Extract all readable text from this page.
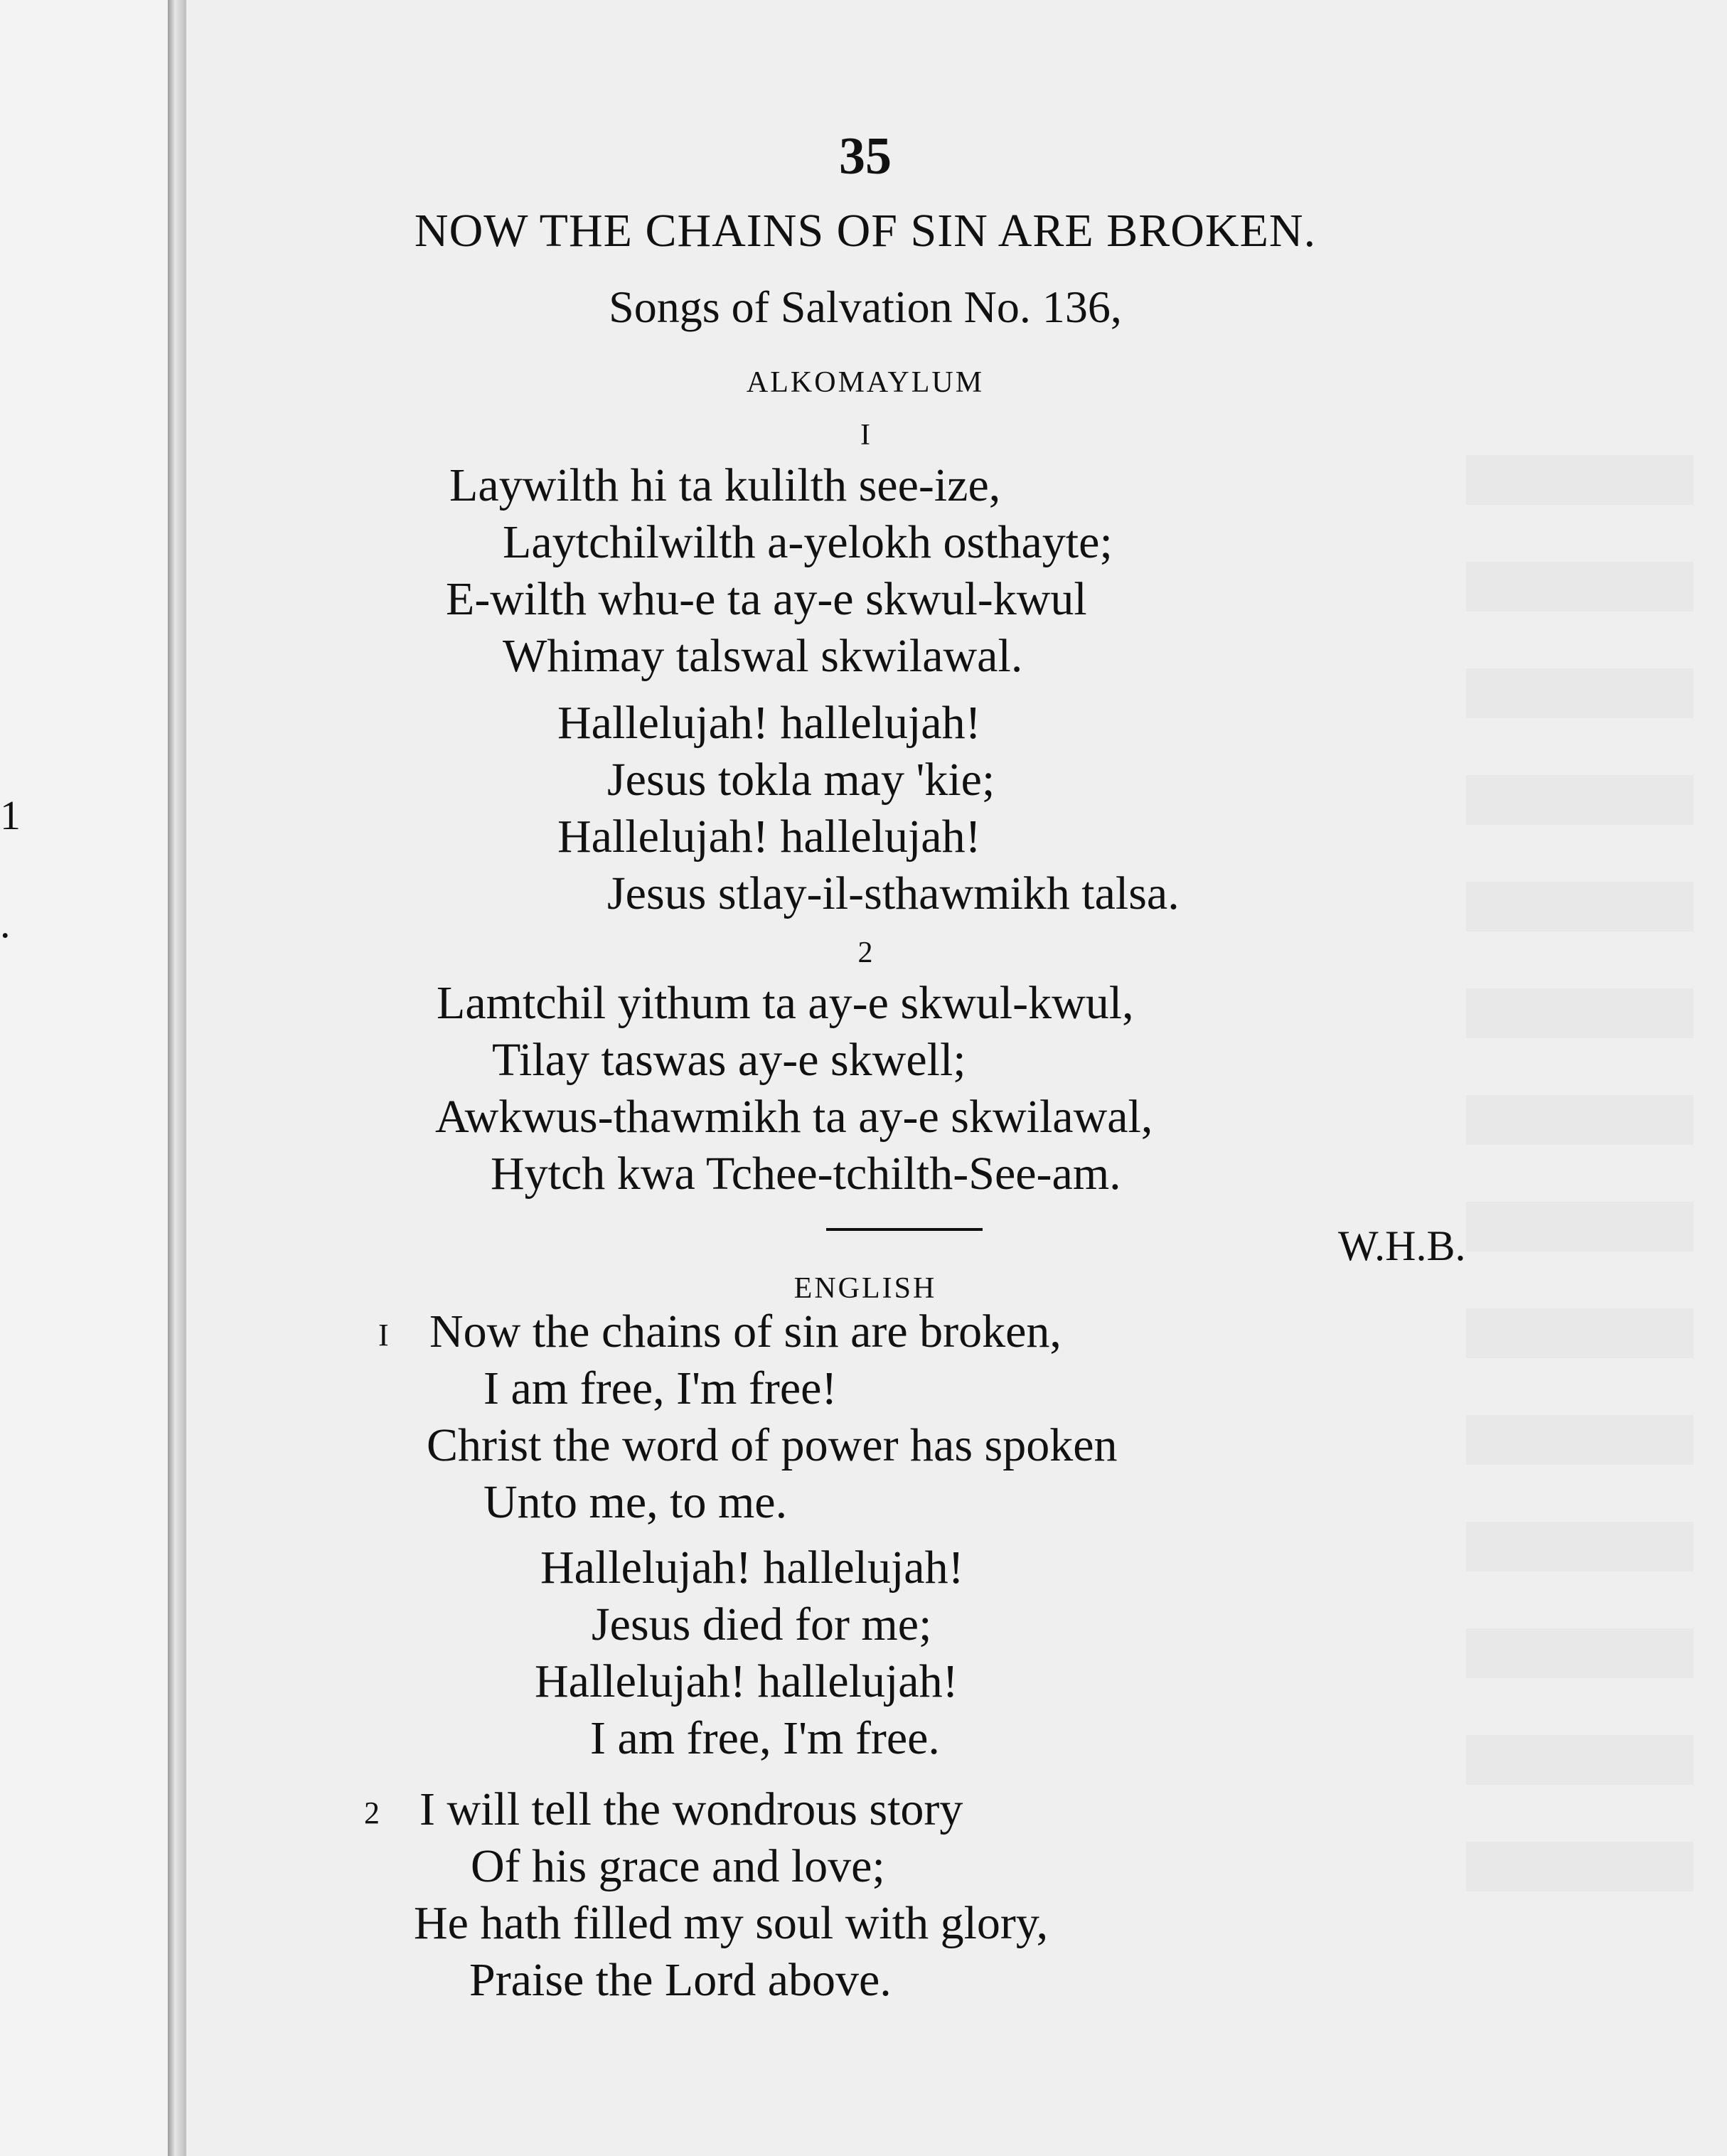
1
.
35
NOW THE CHAINS OF SIN ARE BROKEN.
Songs of Salvation No. 136,
ALKOMAYLUM
I
Laywilth hi ta kulilth see-ize,
Laytchilwilth a-yelokh osthayte;
E-wilth whu-e ta ay-e skwul-kwul
Whimay talswal skwilawal.
Hallelujah! hallelujah!
Jesus tokla may 'kie;
Hallelujah! hallelujah!
Jesus stlay-il-sthawmikh talsa.
2
Lamtchil yithum ta ay-e skwul-kwul,
Tilay taswas ay-e skwell;
Awkwus-thawmikh ta ay-e skwilawal,
Hytch kwa Tchee-tchilth-See-am.
W.H.B.
ENGLISH
I Now the chains of sin are broken,
I am free, I'm free!
Christ the word of power has spoken
Unto me, to me.
Hallelujah! hallelujah!
Jesus died for me;
Hallelujah! hallelujah!
I am free, I'm free.
2 I will tell the wondrous story
Of his grace and love;
He hath filled my soul with glory,
Praise the Lord above.
